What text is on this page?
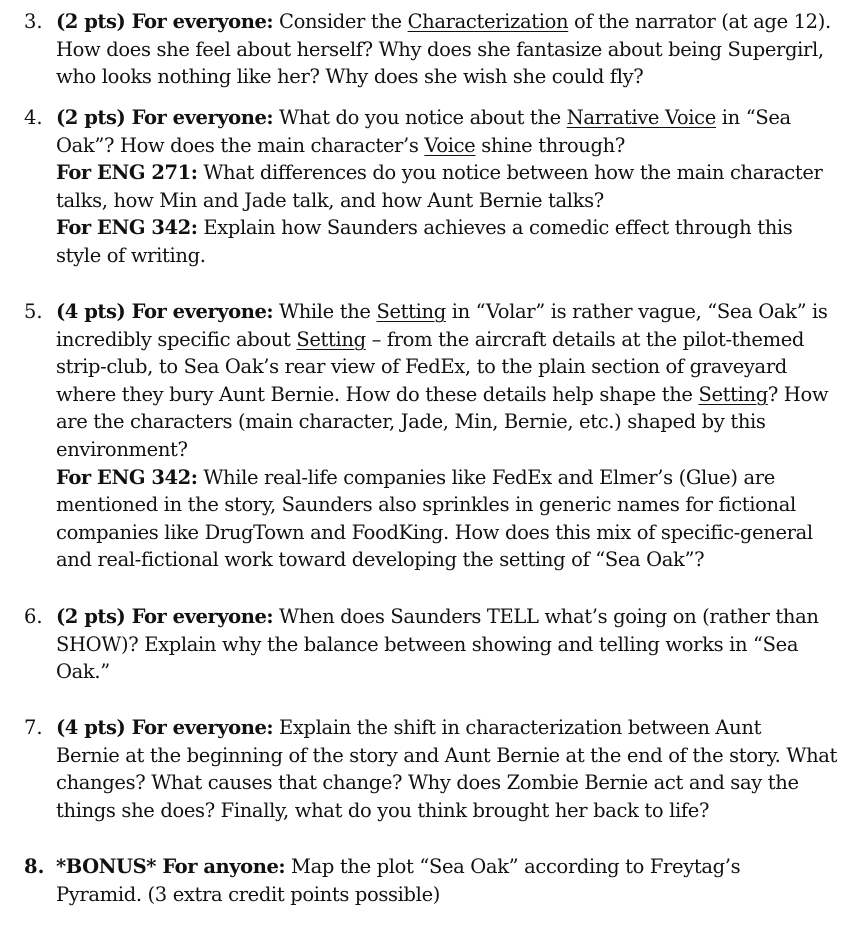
3. (2 pts) For everyone: Consider the Characterization of the narrator (at age 12).
How does she feel about herself? Why does she fantasize about being Supergirl,
who looks nothing like her? Why does she wish she could fly?
4. (2 pts) For everyone: What do you notice about the Narrative Voice in “Sea
Oak”? How does the main character’s Voice shine through?
For ENG 271: What differences do you notice between how the main character
talks, how Min and Jade talk, and how Aunt Bernie talks?
For ENG 342: Explain how Saunders achieves a comedic effect through this
style of writing.
5. (4 pts) For everyone: While the Setting in “Volar” is rather vague, “Sea Oak” is
incredibly specific about Setting – from the aircraft details at the pilot-themed
strip-club, to Sea Oak’s rear view of FedEx, to the plain section of graveyard
where they bury Aunt Bernie. How do these details help shape the Setting? How
are the characters (main character, Jade, Min, Bernie, etc.) shaped by this
environment?
For ENG 342: While real-life companies like FedEx and Elmer’s (Glue) are
mentioned in the story, Saunders also sprinkles in generic names for fictional
companies like DrugTown and FoodKing. How does this mix of specific-general
and real-fictional work toward developing the setting of “Sea Oak”?
6. (2 pts) For everyone: When does Saunders TELL what’s going on (rather than
SHOW)? Explain why the balance between showing and telling works in “Sea
Oak.”
7. (4 pts) For everyone: Explain the shift in characterization between Aunt
Bernie at the beginning of the story and Aunt Bernie at the end of the story. What
changes? What causes that change? Why does Zombie Bernie act and say the
things she does? Finally, what do you think brought her back to life?
8. *BONUS* For anyone: Map the plot “Sea Oak” according to Freytag’s
Pyramid. (3 extra credit points possible)
